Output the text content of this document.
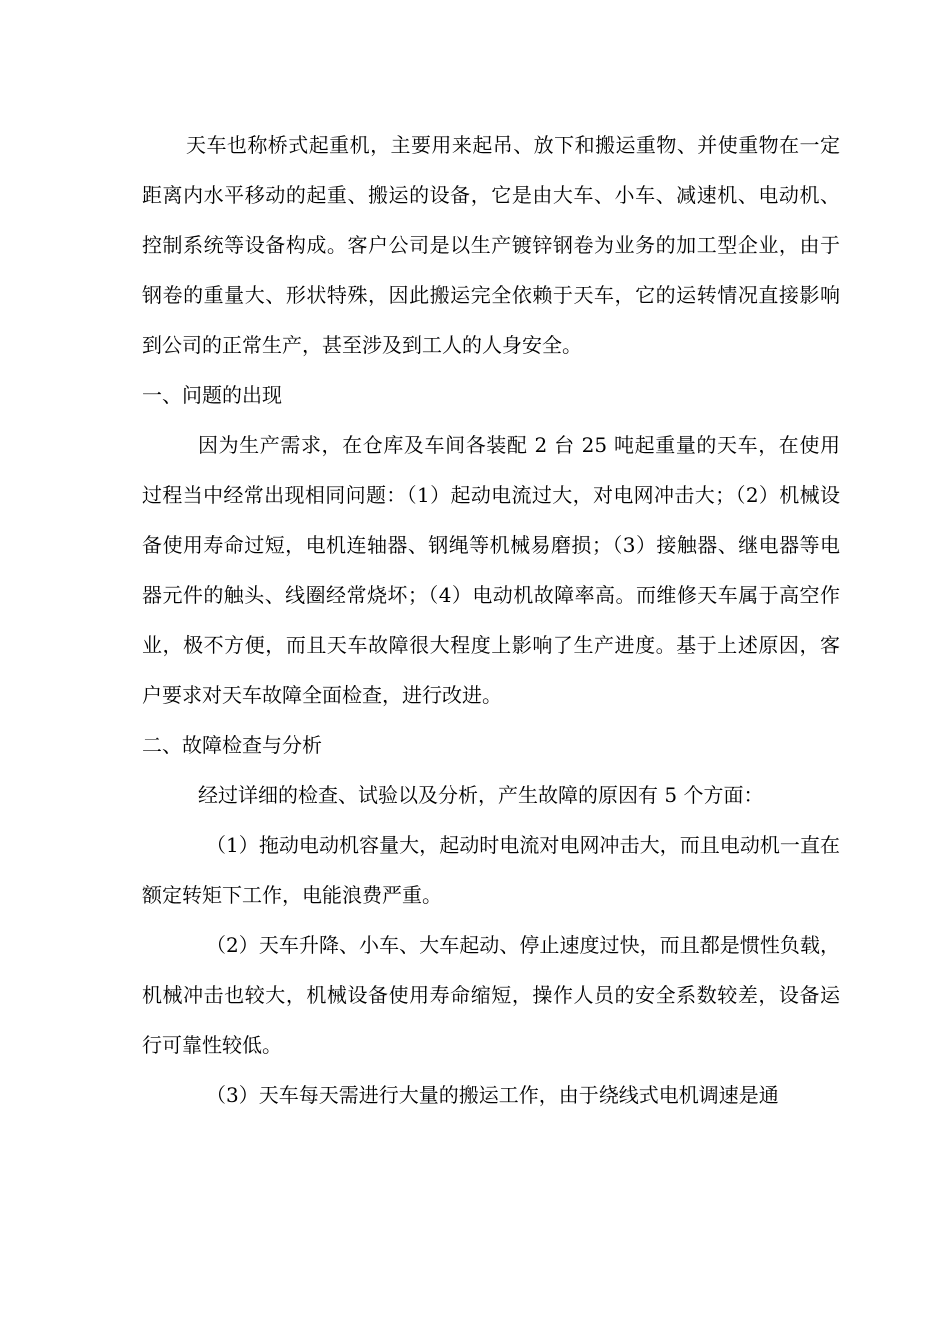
天车也称桥式起重机，主要用来起吊、放下和搬运重物、并使重物在一定距离内水平移动的起重、搬运的设备，它是由大车、小车、减速机、电动机、控制系统等设备构成。客户公司是以生产镀锌钢卷为业务的加工型企业，由于钢卷的重量大、形状特殊，因此搬运完全依赖于天车，它的运转情况直接影响到公司的正常生产，甚至涉及到工人的人身安全。

一、问题的出现

因为生产需求，在仓库及车间各装配 2 台 25 吨起重量的天车，在使用过程当中经常出现相同问题：（1）起动电流过大，对电网冲击大；（2）机械设备使用寿命过短，电机连轴器、钢绳等机械易磨损；（3）接触器、继电器等电器元件的触头、线圈经常烧坏；（4）电动机故障率高。而维修天车属于高空作业，极不方便，而且天车故障很大程度上影响了生产进度。基于上述原因，客户要求对天车故障全面检查，进行改进。

二、故障检查与分析

经过详细的检查、试验以及分析，产生故障的原因有 5 个方面：

（1）拖动电动机容量大，起动时电流对电网冲击大，而且电动机一直在额定转矩下工作，电能浪费严重。

（2）天车升降、小车、大车起动、停止速度过快，而且都是惯性负载，机械冲击也较大，机械设备使用寿命缩短，操作人员的安全系数较差，设备运行可靠性较低。

（3）天车每天需进行大量的搬运工作，由于绕线式电机调速是通
